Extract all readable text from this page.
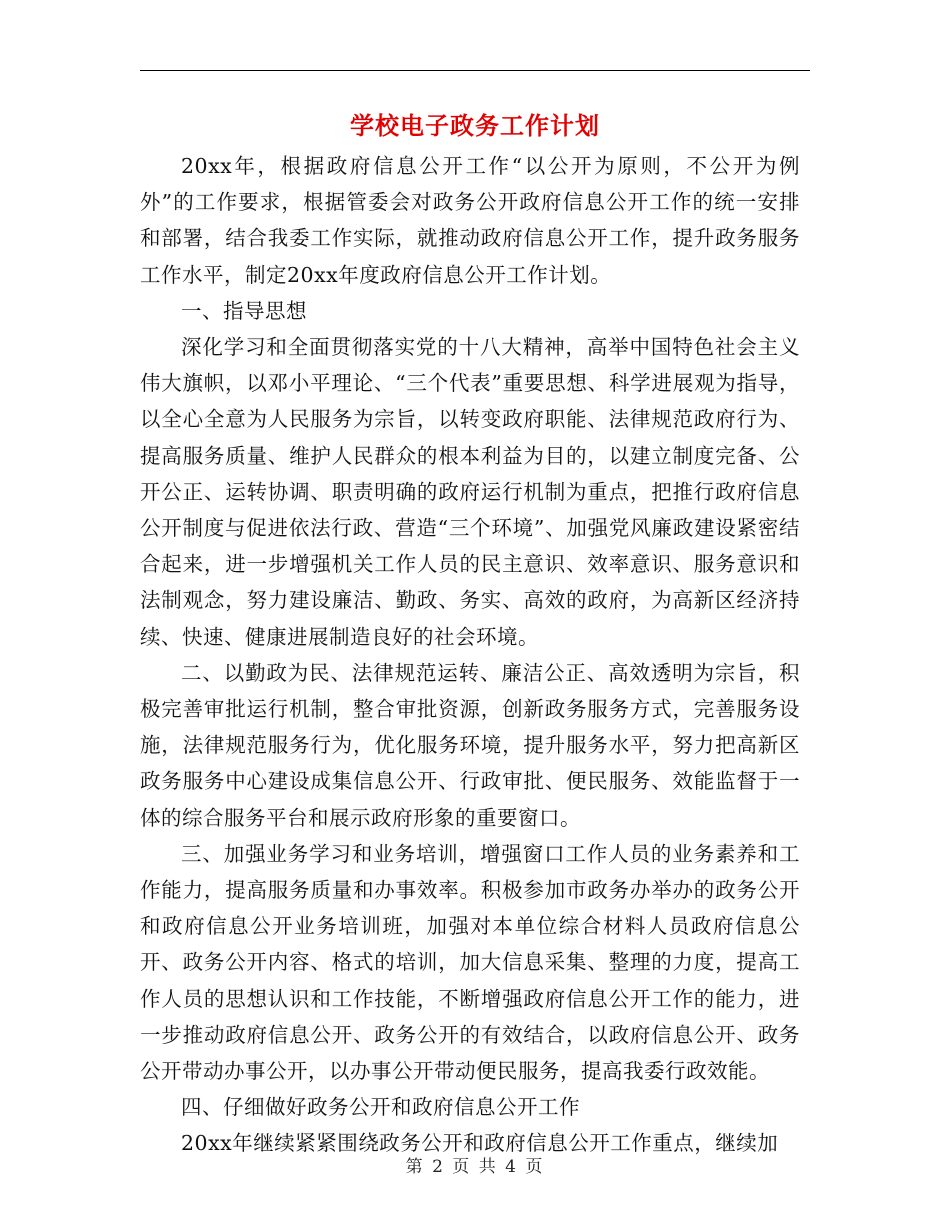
学校电子政务工作计划

20xx年，根据政府信息公开工作“以公开为原则，不公开为例外”的工作要求，根据管委会对政务公开政府信息公开工作的统一安排和部署，结合我委工作实际，就推动政府信息公开工作，提升政务服务工作水平，制定20xx年度政府信息公开工作计划。

一、指导思想

深化学习和全面贯彻落实党的十八大精神，高举中国特色社会主义伟大旗帜，以邓小平理论、“三个代表”重要思想、科学进展观为指导，以全心全意为人民服务为宗旨，以转变政府职能、法律规范政府行为、提高服务质量、维护人民群众的根本利益为目的，以建立制度完备、公开公正、运转协调、职责明确的政府运行机制为重点，把推行政府信息公开制度与促进依法行政、营造“三个环境”、加强党风廉政建设紧密结合起来，进一步增强机关工作人员的民主意识、效率意识、服务意识和法制观念，努力建设廉洁、勤政、务实、高效的政府，为高新区经济持续、快速、健康进展制造良好的社会环境。

二、以勤政为民、法律规范运转、廉洁公正、高效透明为宗旨，积极完善审批运行机制，整合审批资源，创新政务服务方式，完善服务设施，法律规范服务行为，优化服务环境，提升服务水平，努力把高新区政务服务中心建设成集信息公开、行政审批、便民服务、效能监督于一体的综合服务平台和展示政府形象的重要窗口。

三、加强业务学习和业务培训，增强窗口工作人员的业务素养和工作能力，提高服务质量和办事效率。积极参加市政务办举办的政务公开和政府信息公开业务培训班，加强对本单位综合材料人员政府信息公开、政务公开内容、格式的培训，加大信息采集、整理的力度，提高工作人员的思想认识和工作技能，不断增强政府信息公开工作的能力，进一步推动政府信息公开、政务公开的有效结合，以政府信息公开、政务公开带动办事公开，以办事公开带动便民服务，提高我委行政效能。

四、仔细做好政务公开和政府信息公开工作

20xx年继续紧紧围绕政务公开和政府信息公开工作重点，继续加

第 2 页 共 4 页
